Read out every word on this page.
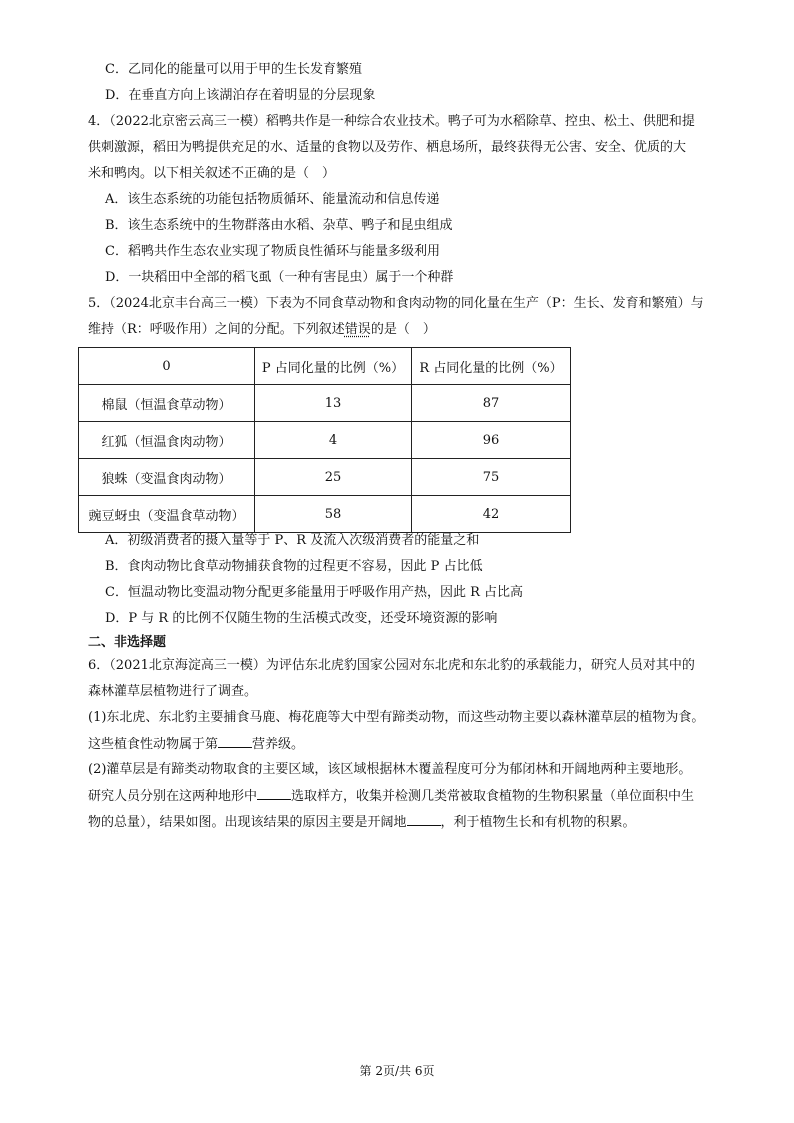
C．乙同化的能量可以用于甲的生长发育繁殖
D．在垂直方向上该湖泊存在着明显的分层现象
4．（2022北京密云高三一模）稻鸭共作是一种综合农业技术。鸭子可为水稻除草、控虫、松土、供肥和提
供刺激源，稻田为鸭提供充足的水、适量的食物以及劳作、栖息场所，最终获得无公害、安全、优质的大
米和鸭肉。以下相关叙述不正确的是（　）
A．该生态系统的功能包括物质循环、能量流动和信息传递
B．该生态系统中的生物群落由水稻、杂草、鸭子和昆虫组成
C．稻鸭共作生态农业实现了物质良性循环与能量多级利用
D．一块稻田中全部的稻飞虱（一种有害昆虫）属于一个种群
5．（2024北京丰台高三一模）下表为不同食草动物和食肉动物的同化量在生产（P：生长、发育和繁殖）与
维持（R：呼吸作用）之间的分配。下列叙述错误的是（　）
0	P 占同化量的比例（%）	R 占同化量的比例（%）
棉鼠（恒温食草动物）	13	87
红狐（恒温食肉动物）	4	96
狼蛛（变温食肉动物）	25	75
豌豆蚜虫（变温食草动物）	58	42
A．初级消费者的摄入量等于 P、R 及流入次级消费者的能量之和
B．食肉动物比食草动物捕获食物的过程更不容易，因此 P 占比低
C．恒温动物比变温动物分配更多能量用于呼吸作用产热，因此 R 占比高
D．P 与 R 的比例不仅随生物的生活模式改变，还受环境资源的影响
二、非选择题
6．（2021北京海淀高三一模）为评估东北虎豹国家公园对东北虎和东北豹的承载能力，研究人员对其中的
森林灌草层植物进行了调查。
(1)东北虎、东北豹主要捕食马鹿、梅花鹿等大中型有蹄类动物，而这些动物主要以森林灌草层的植物为食。
这些植食性动物属于第	营养级。
(2)灌草层是有蹄类动物取食的主要区域，该区域根据林木覆盖程度可分为郁闭林和开阔地两种主要地形。
研究人员分别在这两种地形中	选取样方，收集并检测几类常被取食植物的生物积累量（单位面积中生
物的总量），结果如图。出现该结果的原因主要是开阔地	，利于植物生长和有机物的积累。
第 2页/共 6页
